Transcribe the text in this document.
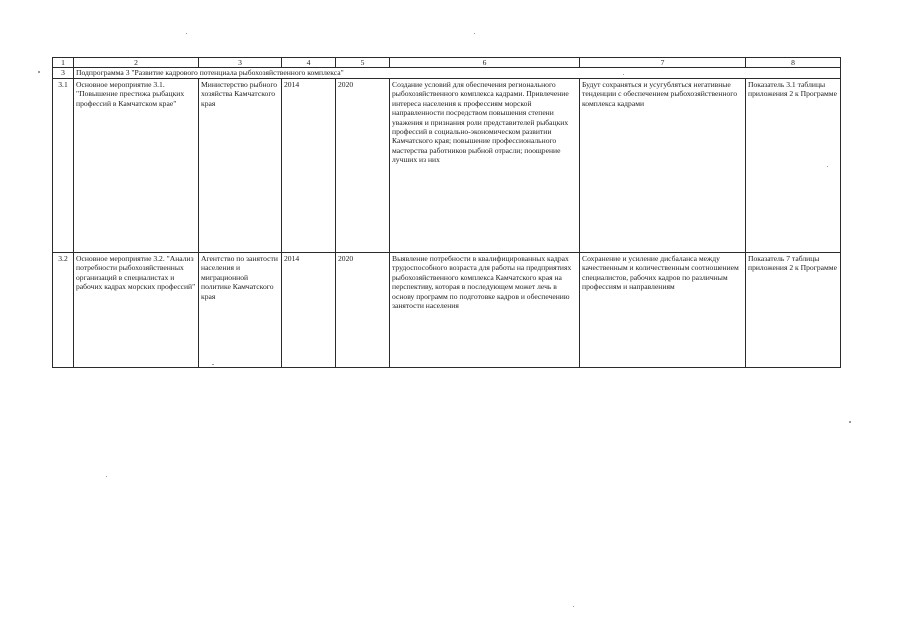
1	2	3	4	5	6	7	8
3	Подпрограмма 3 "Развитие кадрового потенциала рыбохозяйственного комплекса"						
3.1	Основное мероприятие 3.1. "Повышение престижа рыбацких профессий в Камчатском крае"	Министерство рыбного хозяйства Камчатского края	2014	2020	Создание условий для обеспечения регионального рыбохозяйственного комплекса кадрами. Привлечение интереса населения к профессиям морской направленности посредством повышения степени уважения и признания роли представителей рыбацких профессий в социально-экономическом развитии Камчатского края; повышение профессионального мастерства работников рыбной отрасли; поощрение лучших из них	Будут сохраняться и усугубляться негативные тенденции с обеспечением рыбохозяйственного комплекса кадрами	Показатель 3.1 таблицы приложения 2 к Программе
3.2	Основное мероприятие 3.2. "Анализ потребности рыбохозяйственных организаций в специалистах и рабочих кадрах морских профессий"	Агентство по занятости населения и миграционной политике Камчатского края	2014	2020	Выявление потребности в квалифицированных кадрах трудоспособного возраста для работы на предприятиях рыбохозяйственного комплекса Камчатского края на перспективу, которая в последующем может лечь в основу программ по подготовке кадров и обеспечению занятости населения	Сохранение и усиление дисбаланса между качественным и количественным соотношением специалистов, рабочих кадров по различным профессиям и направлениям	Показатель 7 таблицы приложения 2 к Программе
